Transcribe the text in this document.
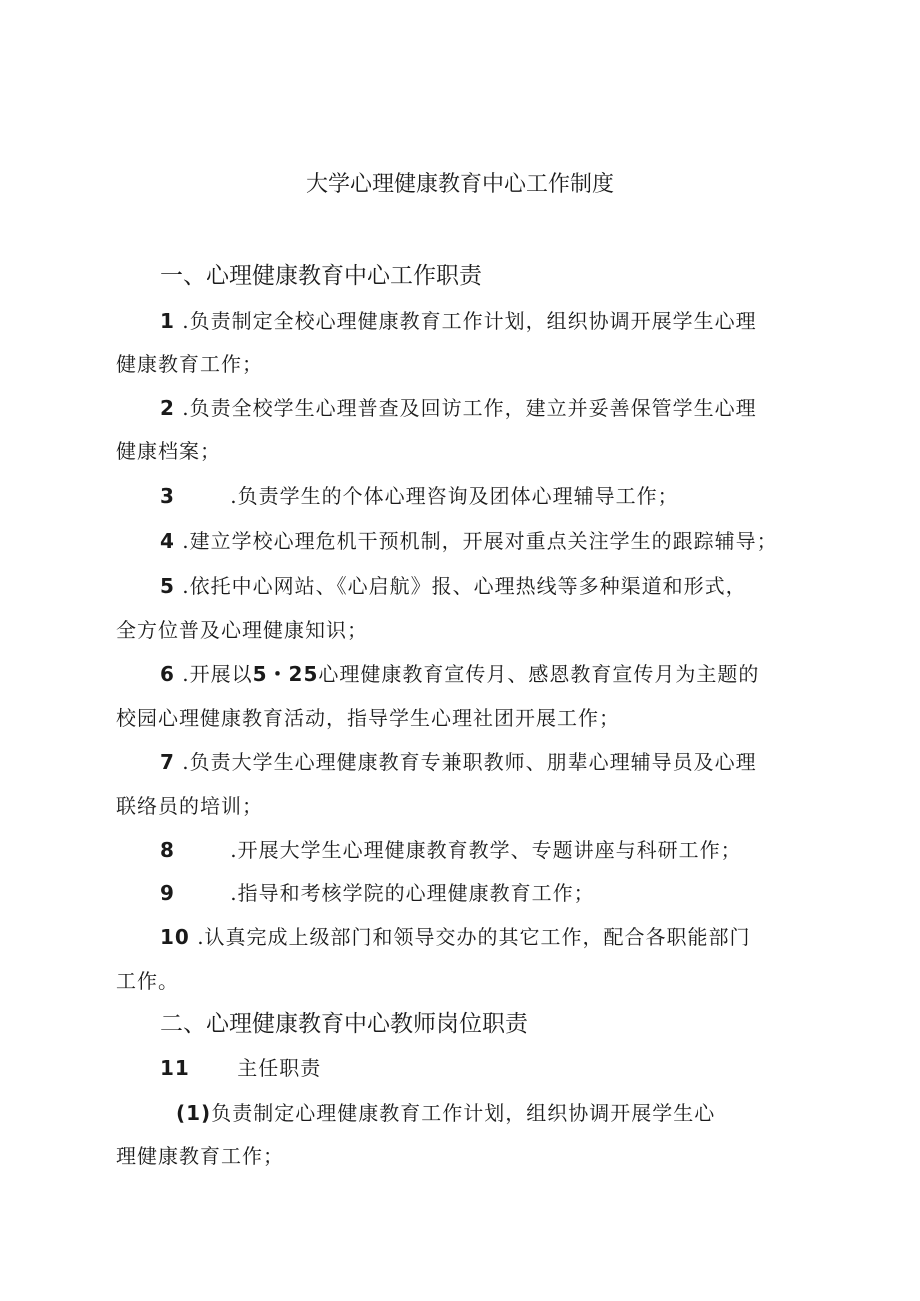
大学心理健康教育中心工作制度
一、心理健康教育中心工作职责
1 .负责制定全校心理健康教育工作计划，组织协调开展学生心理
健康教育工作；
2 .负责全校学生心理普查及回访工作，建立并妥善保管学生心理
健康档案；
3	.负责学生的个体心理咨询及团体心理辅导工作；
4 .建立学校心理危机干预机制，开展对重点关注学生的跟踪辅导；
5 .依托中心网站、《心启航》报、心理热线等多种渠道和形式，
全方位普及心理健康知识；
6 .开展以5・25心理健康教育宣传月、感恩教育宣传月为主题的
校园心理健康教育活动，指导学生心理社团开展工作；
7 .负责大学生心理健康教育专兼职教师、朋辈心理辅导员及心理
联络员的培训；
8	.开展大学生心理健康教育教学、专题讲座与科研工作；
9	.指导和考核学院的心理健康教育工作；
10 .认真完成上级部门和领导交办的其它工作，配合各职能部门
工作。
二、心理健康教育中心教师岗位职责
11 主任职责
(1)负责制定心理健康教育工作计划，组织协调开展学生心
理健康教育工作；
